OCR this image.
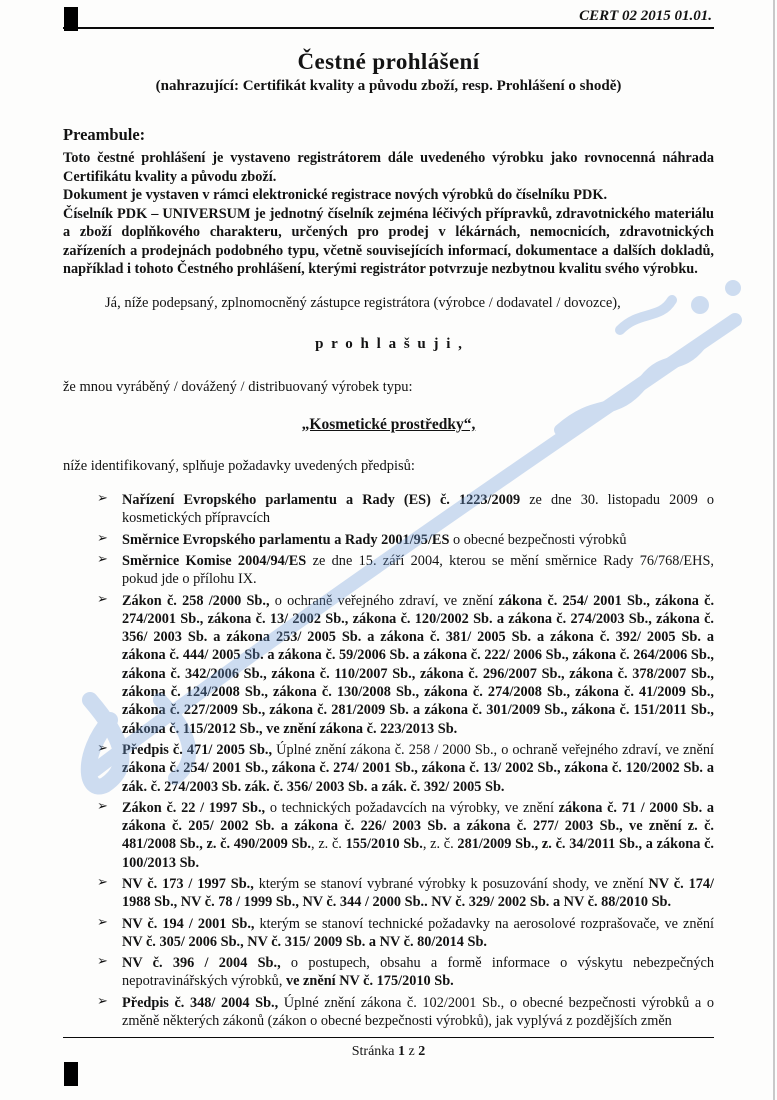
CERT 02 2015 01.01.
Čestné prohlášení
(nahrazující: Certifikát kvality a původu zboží, resp. Prohlášení o shodě)
Preambule:

Toto čestné prohlášení je vystaveno registrátorem dále uvedeného výrobku jako rovnocenná náhrada Certifikátu kvality a původu zboží.

Dokument je vystaven v rámci elektronické registrace nových výrobků do číselníku PDK.

Číselník PDK – UNIVERSUM je jednotný číselník zejména léčivých přípravků, zdravotnického materiálu a zboží doplňkového charakteru, určených pro prodej v lékárnách, nemocnicích, zdravotnických zařízeních a prodejnách podobného typu, včetně souvisejících informací, dokumentace a dalších dokladů, například i tohoto Čestného prohlášení, kterými registrátor potvrzuje nezbytnou kvalitu svého výrobku.

Já, níže podepsaný, zplnomocněný zástupce registrátora (výrobce / dodavatel / dovozce),
p r o h l a š u j i ,
že mnou vyráběný / dovážený / distribuovaný výrobek typu:
„Kosmetické prostředky“,
níže identifikovaný, splňuje požadavky uvedených předpisů:
➢ Nařízení Evropského parlamentu a Rady (ES) č. 1223/2009 ze dne 30. listopadu 2009 o kosmetických přípravcích
➢ Směrnice Evropského parlamentu a Rady 2001/95/ES o obecné bezpečnosti výrobků
➢ Směrnice Komise 2004/94/ES ze dne 15. září 2004, kterou se mění směrnice Rady 76/768/EHS, pokud jde o přílohu IX.
➢ Zákon č. 258 /2000 Sb., o ochraně veřejného zdraví, ve znění zákona č. 254/ 2001 Sb., zákona č. 274/2001 Sb., zákona č. 13/ 2002 Sb., zákona č. 120/2002 Sb. a zákona č. 274/2003 Sb., zákona č. 356/ 2003 Sb. a zákona 253/ 2005 Sb. a zákona č. 381/ 2005 Sb. a zákona č. 392/ 2005 Sb. a zákona č. 444/ 2005 Sb. a zákona č. 59/2006 Sb. a zákona č. 222/ 2006 Sb., zákona č. 264/2006 Sb., zákona č. 342/2006 Sb., zákona č. 110/2007 Sb., zákona č. 296/2007 Sb., zákona č. 378/2007 Sb., zákona č. 124/2008 Sb., zákona č. 130/2008 Sb., zákona č. 274/2008 Sb., zákona č. 41/2009 Sb., zákona č. 227/2009 Sb., zákona č. 281/2009 Sb. a zákona č. 301/2009 Sb., zákona č. 151/2011 Sb., zákona č. 115/2012 Sb., ve znění zákona č. 223/2013 Sb.
➢ Předpis č. 471/ 2005 Sb., Úplné znění zákona č. 258 / 2000 Sb., o ochraně veřejného zdraví, ve znění zákona č. 254/ 2001 Sb., zákona č. 274/ 2001 Sb., zákona č. 13/ 2002 Sb., zákona č. 120/2002 Sb. a zák. č. 274/2003 Sb. zák. č. 356/ 2003 Sb. a zák. č. 392/ 2005 Sb.
➢ Zákon č. 22 / 1997 Sb., o technických požadavcích na výrobky, ve znění zákona č. 71 / 2000 Sb. a zákona č. 205/ 2002 Sb. a zákona č. 226/ 2003 Sb. a zákona č. 277/ 2003 Sb., ve znění z. č. 481/2008 Sb., z. č. 490/2009 Sb., z. č. 155/2010 Sb., z. č. 281/2009 Sb., z. č. 34/2011 Sb., a zákona č. 100/2013 Sb.
➢ NV č. 173 / 1997 Sb., kterým se stanoví vybrané výrobky k posuzování shody, ve znění NV č. 174/ 1988 Sb., NV č. 78 / 1999 Sb., NV č. 344 / 2000 Sb.. NV č. 329/ 2002 Sb. a NV č. 88/2010 Sb.
➢ NV č. 194 / 2001 Sb., kterým se stanoví technické požadavky na aerosolové rozprašovače, ve znění NV č. 305/ 2006 Sb., NV č. 315/ 2009 Sb. a NV č. 80/2014 Sb.
➢ NV č. 396 / 2004 Sb., o postupech, obsahu a formě informace o výskytu nebezpečných nepotravinářských výrobků, ve znění NV č. 175/2010 Sb.
➢ Předpis č. 348/ 2004 Sb., Úplné znění zákona č. 102/2001 Sb., o obecné bezpečnosti výrobků a o změně některých zákonů (zákon o obecné bezpečnosti výrobků), jak vyplývá z pozdějších změn
Stránka 1 z 2
